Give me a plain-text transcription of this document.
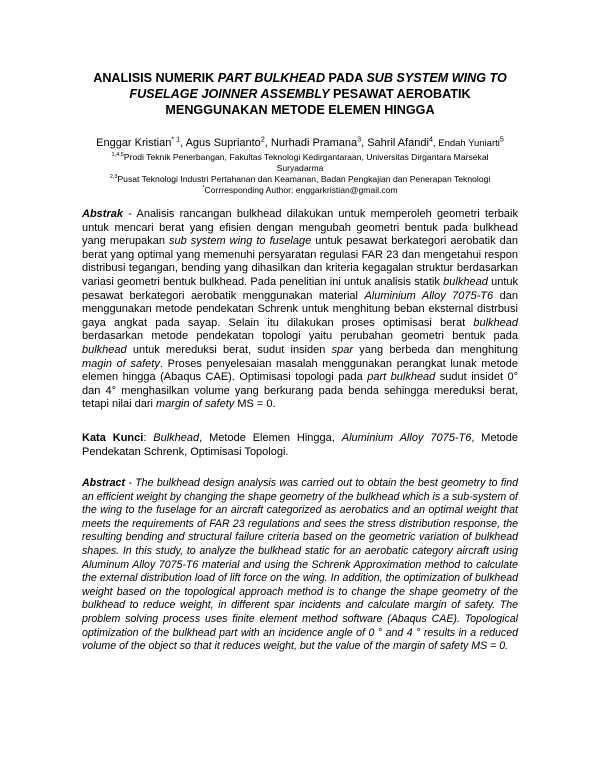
ANALISIS NUMERIK PART BULKHEAD PADA SUB SYSTEM WING TO FUSELAGE JOINNER ASSEMBLY PESAWAT AEROBATIK MENGGUNAKAN METODE ELEMEN HINGGA
Enggar Kristian$^{* 1}$, Agus Supriantο$^2$, Nurhadi Pramana$^3$, Sahril Afandi$^4$, Endah Yuniarti$^5$
$^{1,4,5}$Prodi Teknik Penerbangan, Fakultas Teknologi Kedirgantaraan, Universitas Dirgantara Marsekal Suryadarma
$^{2,3}$Pusat Teknologi Industri Pertahanan dan Keamanan, Badan Pengkajian dan Penerapan Teknologi
*Corrresponding Author: enggarkristian@gmail.com
Abstrak - Analisis rancangan bulkhead dilakukan untuk memperoleh geometri terbaik untuk mencari berat yang efisien dengan mengubah geometri bentuk pada bulkhead yang merupakan sub system wing to fuselage untuk pesawat berkategori aerobatik dan berat yang optimal yang memenuhi persyaratan regulasi FAR 23 dan mengetahui respon distribusi tegangan, bending yang dihasilkan dan kriteria kegagalan struktur berdasarkan variasi geometri bentuk bulkhead. Pada penelitian ini untuk analisis statik bulkhead untuk pesawat berkategori aerobatik menggunakan material Aluminium Alloy 7075-T6 dan menggunakan metode pendekatan Schrenk untuk menghitung beban eksternal distrbusi gaya angkat pada sayap. Selain itu dilakukan proses optimisasi berat bulkhead berdasarkan metode pendekatan topologi yaitu perubahan geometri bentuk pada bulkhead untuk mereduksi berat, sudut insiden spar yang berbeda dan menghitung magin of safety. Proses penyelesaian masalah menggunakan perangkat lunak metode elemen hingga (Abaqus CAE). Optimisasi topologi pada part bulkhead sudut insidet 0° dan 4° menghasilkan volume yang berkurang pada benda sehingga mereduksi berat, tetapi nilai dari margin of safety MS = 0.
Kata Kunci: Bulkhead, Metode Elemen Hingga, Aluminium Alloy 7075-T6, Metode Pendekatan Schrenk, Optimisasi Topologi.
Abstract - The bulkhead design analysis was carried out to obtain the best geometry to find an efficient weight by changing the shape geometry of the bulkhead which is a sub-system of the wing to the fuselage for an aircraft categorized as aerobatics and an optimal weight that meets the requirements of FAR 23 regulations and sees the stress distribution response, the resulting bending and structural failure criteria based on the geometric variation of bulkhead shapes. In this study, to analyze the bulkhead static for an aerobatic category aircraft using Aluminum Alloy 7075-T6 material and using the Schrenk Approximation method to calculate the external distribution load of lift force on the wing. In addition, the optimization of bulkhead weight based on the topological approach method is to change the shape geometry of the bulkhead to reduce weight, in different spar incidents and calculate margin of safety. The problem solving process uses finite element method software (Abaqus CAE). Topological optimization of the bulkhead part with an incidence angle of 0 ° and 4 ° results in a reduced volume of the object so that it reduces weight, but the value of the margin of safety MS = 0.
